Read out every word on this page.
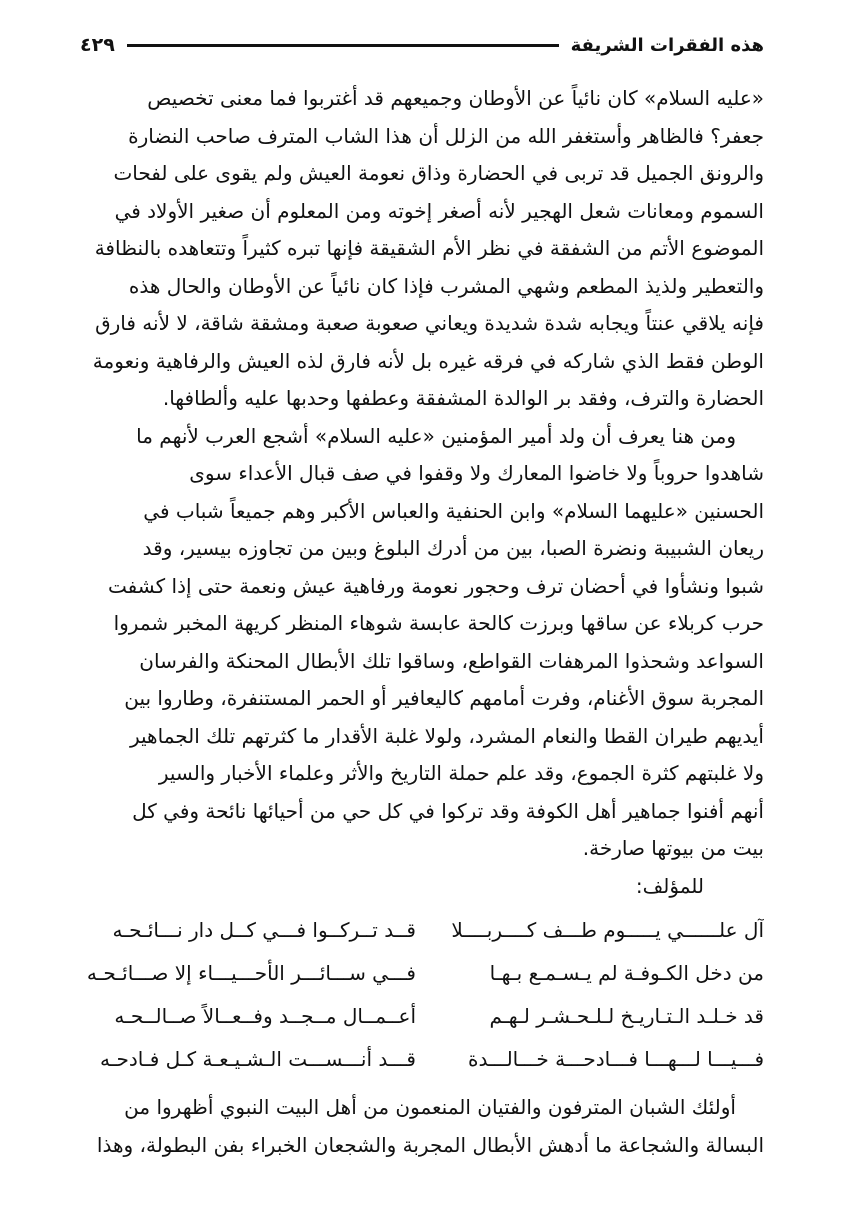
هذه الفقرات الشريفة
٤٢٩
«عليه السلام» كان نائياً عن الأوطان وجميعهم قد أغتربوا فما معنى تخصيص
جعفر؟ فالظاهر وأستغفر الله من الزلل أن هذا الشاب المترف صاحب النضارة
والرونق الجميل قد تربى في الحضارة وذاق نعومة العيش ولم يقوى على لفحات
السموم ومعانات شعل الهجير لأنه أصغر إخوته ومن المعلوم أن صغير الأولاد في
الموضوع الأتم من الشفقة في نظر الأم الشقيقة فإنها تبره كثيراً وتتعاهده بالنظافة
والتعطير ولذيذ المطعم وشهي المشرب فإذا كان نائياً عن الأوطان والحال هذه
فإنه يلاقي عنتاً ويجابه شدة شديدة ويعاني صعوبة صعبة ومشقة شاقة، لا لأنه فارق
الوطن فقط الذي شاركه في فرقه غيره بل لأنه فارق لذه العيش والرفاهية ونعومة
الحضارة والترف، وفقد بر الوالدة المشفقة وعطفها وحدبها عليه وألطافها.
ومن هنا يعرف أن ولد أمير المؤمنين «عليه السلام» أشجع العرب لأنهم ما
شاهدوا حروباً ولا خاضوا المعارك ولا وقفوا في صف قبال الأعداء سوى
الحسنين «عليهما السلام» وابن الحنفية والعباس الأكبر وهم جميعاً شباب في
ريعان الشبيبة ونضرة الصبا، بين من أدرك البلوغ وبين من تجاوزه بيسير، وقد
شبوا ونشأوا في أحضان ترف وحجور نعومة ورفاهية عيش ونعمة حتى إذا كشفت
حرب كربلاء عن ساقها وبرزت كالحة عابسة شوهاء المنظر كريهة المخبر شمروا
السواعد وشحذوا المرهفات القواطع، وساقوا تلك الأبطال المحنكة والفرسان
المجربة سوق الأغنام، وفرت أمامهم كاليعافير أو الحمر المستنفرة، وطاروا بين
أيديهم طيران القطا والنعام المشرد، ولولا غلبة الأقدار ما كثرتهم تلك الجماهير
ولا غلبتهم كثرة الجموع، وقد علم حملة التاريخ والأثر وعلماء الأخبار والسير
أنهم أفنوا جماهير أهل الكوفة وقد تركوا في كل حي من أحيائها نائحة وفي كل
بيت من بيوتها صارخة.
للمؤلف:
آل علــــــي يـــــوم طـــف كــــربــــلا
قــد تــركــوا فـــي كــل دار نـــائـحـه
من دخل الكـوفـة لم يـسـمـع بـهـا
فـــي ســـائـــر الأحـــيـــاء إلا صـــائـحـه
قد خـلـد الـتـاريـخ لـلـحـشـر لـهـم
أعــمــال مــجــد وفــعــالاً صــالــحـه
فـــيـــا لـــهـــا فـــادحـــة خـــالـــدة
قـــد أنـــســـت الـشـيـعـة كـل فـادحـه
أولئك الشبان المترفون والفتيان المنعمون من أهل البيت النبوي أظهروا من
البسالة والشجاعة ما أدهش الأبطال المجربة والشجعان الخبراء بفن البطولة، وهذا
